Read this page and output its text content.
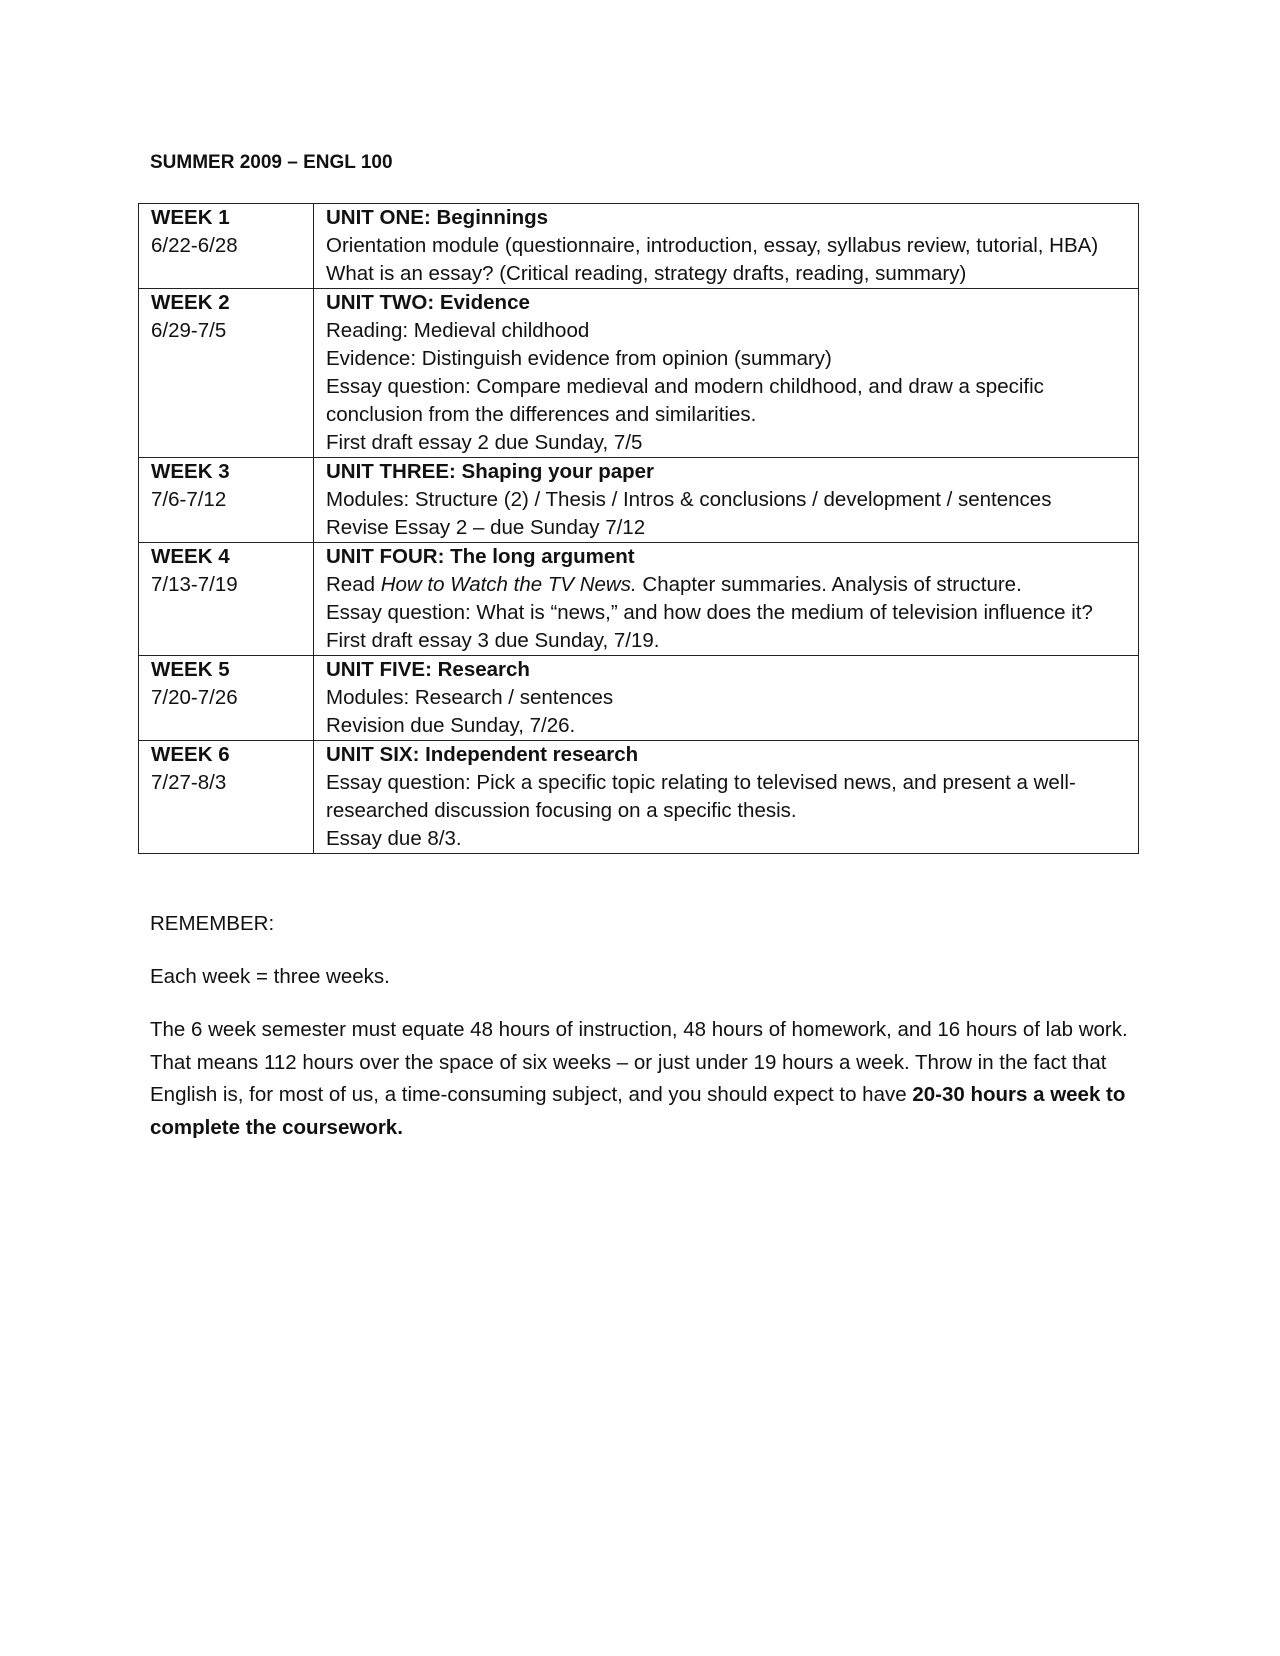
SUMMER 2009 – ENGL 100
WEEK 1
6/22-6/28	UNIT ONE: Beginnings
Orientation module (questionnaire, introduction, essay, syllabus review, tutorial, HBA)
What is an essay? (Critical reading, strategy drafts, reading, summary)

WEEK 2
6/29-7/5	UNIT TWO: Evidence
Reading: Medieval childhood
Evidence: Distinguish evidence from opinion (summary)
Essay question: Compare medieval and modern childhood, and draw a specific conclusion from the differences and similarities.
First draft essay 2 due Sunday, 7/5

WEEK 3
7/6-7/12	UNIT THREE: Shaping your paper
Modules: Structure (2) / Thesis / Intros & conclusions / development / sentences
Revise Essay 2 – due Sunday 7/12

WEEK 4
7/13-7/19	UNIT FOUR: The long argument
Read How to Watch the TV News. Chapter summaries. Analysis of structure.
Essay question: What is “news,” and how does the medium of television influence it?
First draft essay 3 due Sunday, 7/19.

WEEK 5
7/20-7/26	UNIT FIVE: Research
Modules: Research / sentences
Revision due Sunday, 7/26.

WEEK 6
7/27-8/3	UNIT SIX: Independent research
Essay question: Pick a specific topic relating to televised news, and present a well-researched discussion focusing on a specific thesis.
Essay due 8/3.
REMEMBER:
Each week = three weeks.
The 6 week semester must equate 48 hours of instruction, 48 hours of homework, and 16 hours of lab work. That means 112 hours over the space of six weeks – or just under 19 hours a week. Throw in the fact that English is, for most of us, a time-consuming subject, and you should expect to have 20-30 hours a week to complete the coursework.
